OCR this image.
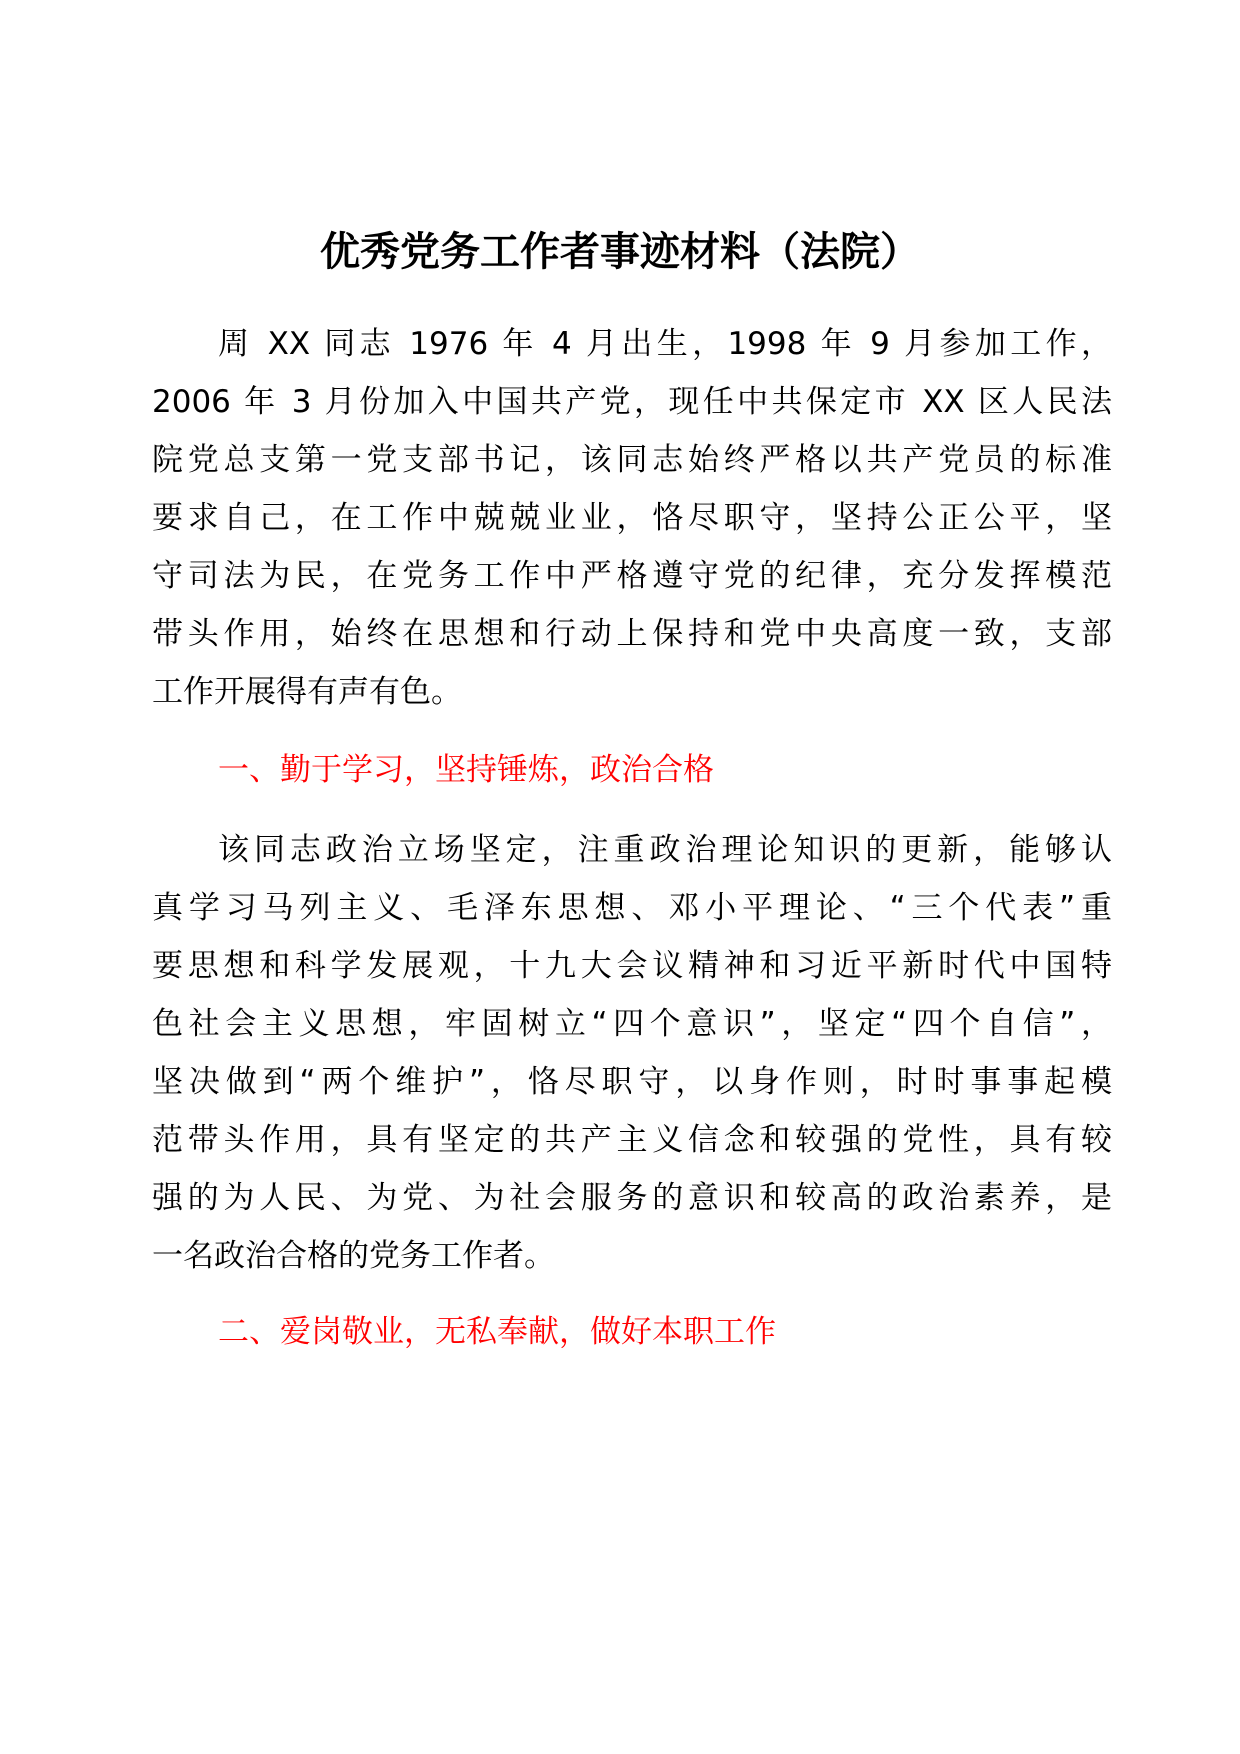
优秀党务工作者事迹材料（法院）

周 XX 同志 1976 年 4 月出生，1998 年 9 月参加工作，

2006 年 3 月份加入中国共产党，现任中共保定市 XX 区人民法

院党总支第一党支部书记，该同志始终严格以共产党员的标准

要求自己，在工作中兢兢业业，恪尽职守，坚持公正公平，坚

守司法为民，在党务工作中严格遵守党的纪律，充分发挥模范

带头作用，始终在思想和行动上保持和党中央高度一致，支部

工作开展得有声有色。

一、勤于学习，坚持锤炼，政治合格

该同志政治立场坚定，注重政治理论知识的更新，能够认

真学习马列主义、毛泽东思想、邓小平理论、“三个代表”重

要思想和科学发展观，十九大会议精神和习近平新时代中国特

色社会主义思想，牢固树立“四个意识”，坚定“四个自信”，

坚决做到“两个维护”，恪尽职守，以身作则，时时事事起模

范带头作用，具有坚定的共产主义信念和较强的党性，具有较

强的为人民、为党、为社会服务的意识和较高的政治素养，是

一名政治合格的党务工作者。

二、爱岗敬业，无私奉献，做好本职工作
